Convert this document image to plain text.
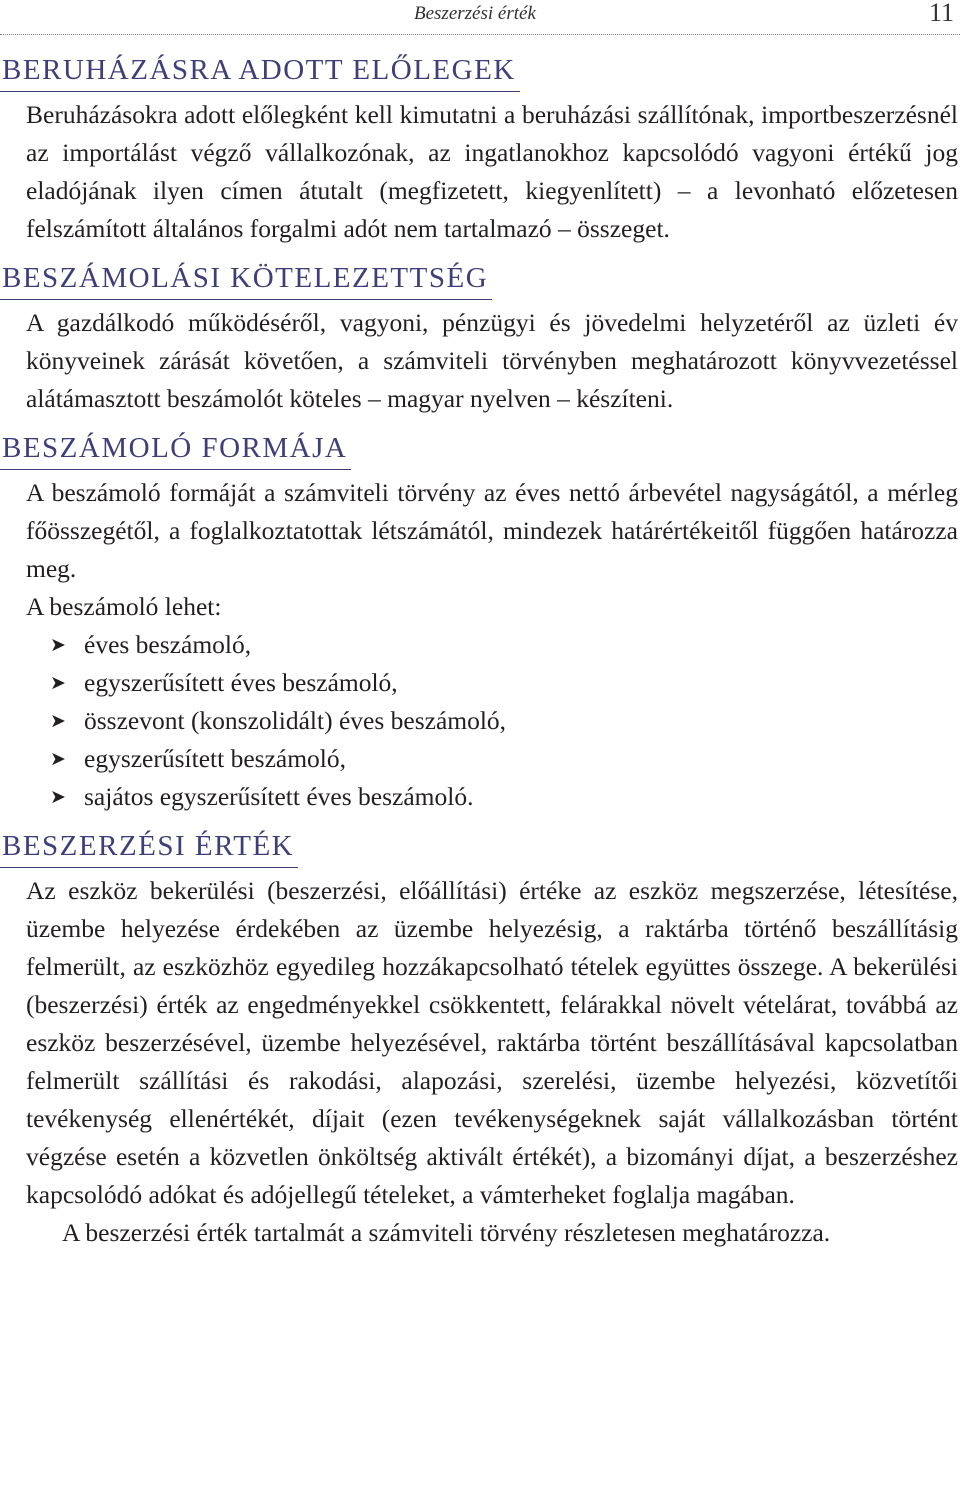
Beszerzési érték	11
BERUHÁZÁSRA ADOTT ELŐLEGEK

Beruházásokra adott előlegként kell kimutatni a beruházási szállítónak, importbeszerzésnél az importálást végző vállalkozónak, az ingatlanokhoz kapcsolódó vagyoni értékű jog eladójának ilyen címen átutalt (megfizetett, kiegyenlített) – a levonható előzetesen felszámított általános forgalmi adót nem tartalmazó – összeget.

BESZÁMOLÁSI KÖTELEZETTSÉG

A gazdálkodó működéséről, vagyoni, pénzügyi és jövedelmi helyzetéről az üzleti év könyveinek zárását követően, a számviteli törvényben meghatározott könyvvezetéssel alátámasztott beszámolót köteles – magyar nyelven – készíteni.

BESZÁMOLÓ FORMÁJA

A beszámoló formáját a számviteli törvény az éves nettó árbevétel nagyságától, a mérleg főösszegétől, a foglalkoztatottak létszámától, mindezek határértékeitől függően határozza meg.

A beszámoló lehet:

➤ éves beszámoló,
➤ egyszerűsített éves beszámoló,
➤ összevont (konszolidált) éves beszámoló,
➤ egyszerűsített beszámoló,
➤ sajátos egyszerűsített éves beszámoló.
BESZERZÉSI ÉRTÉK

Az eszköz bekerülési (beszerzési, előállítási) értéke az eszköz megszerzése, létesítése, üzembe helyezése érdekében az üzembe helyezésig, a raktárba történő beszállításig felmerült, az eszközhöz egyedileg hozzákapcsolható tételek együttes összege. A bekerülési (beszerzési) érték az engedményekkel csökkentett, felárakkal növelt vételárat, továbbá az eszköz beszerzésével, üzembe helyezésével, raktárba történt beszállításával kapcsolatban felmerült szállítási és rakodási, alapozási, szerelési, üzembe helyezési, közvetítői tevékenység ellenértékét, díjait (ezen tevékenységeknek saját vállalkozásban történt végzése esetén a közvetlen önköltség aktivált értékét), a bizományi díjat, a beszerzéshez kapcsolódó adókat és adójellegű tételeket, a vámterheket foglalja magában.

A beszerzési érték tartalmát a számviteli törvény részletesen meghatározza.
